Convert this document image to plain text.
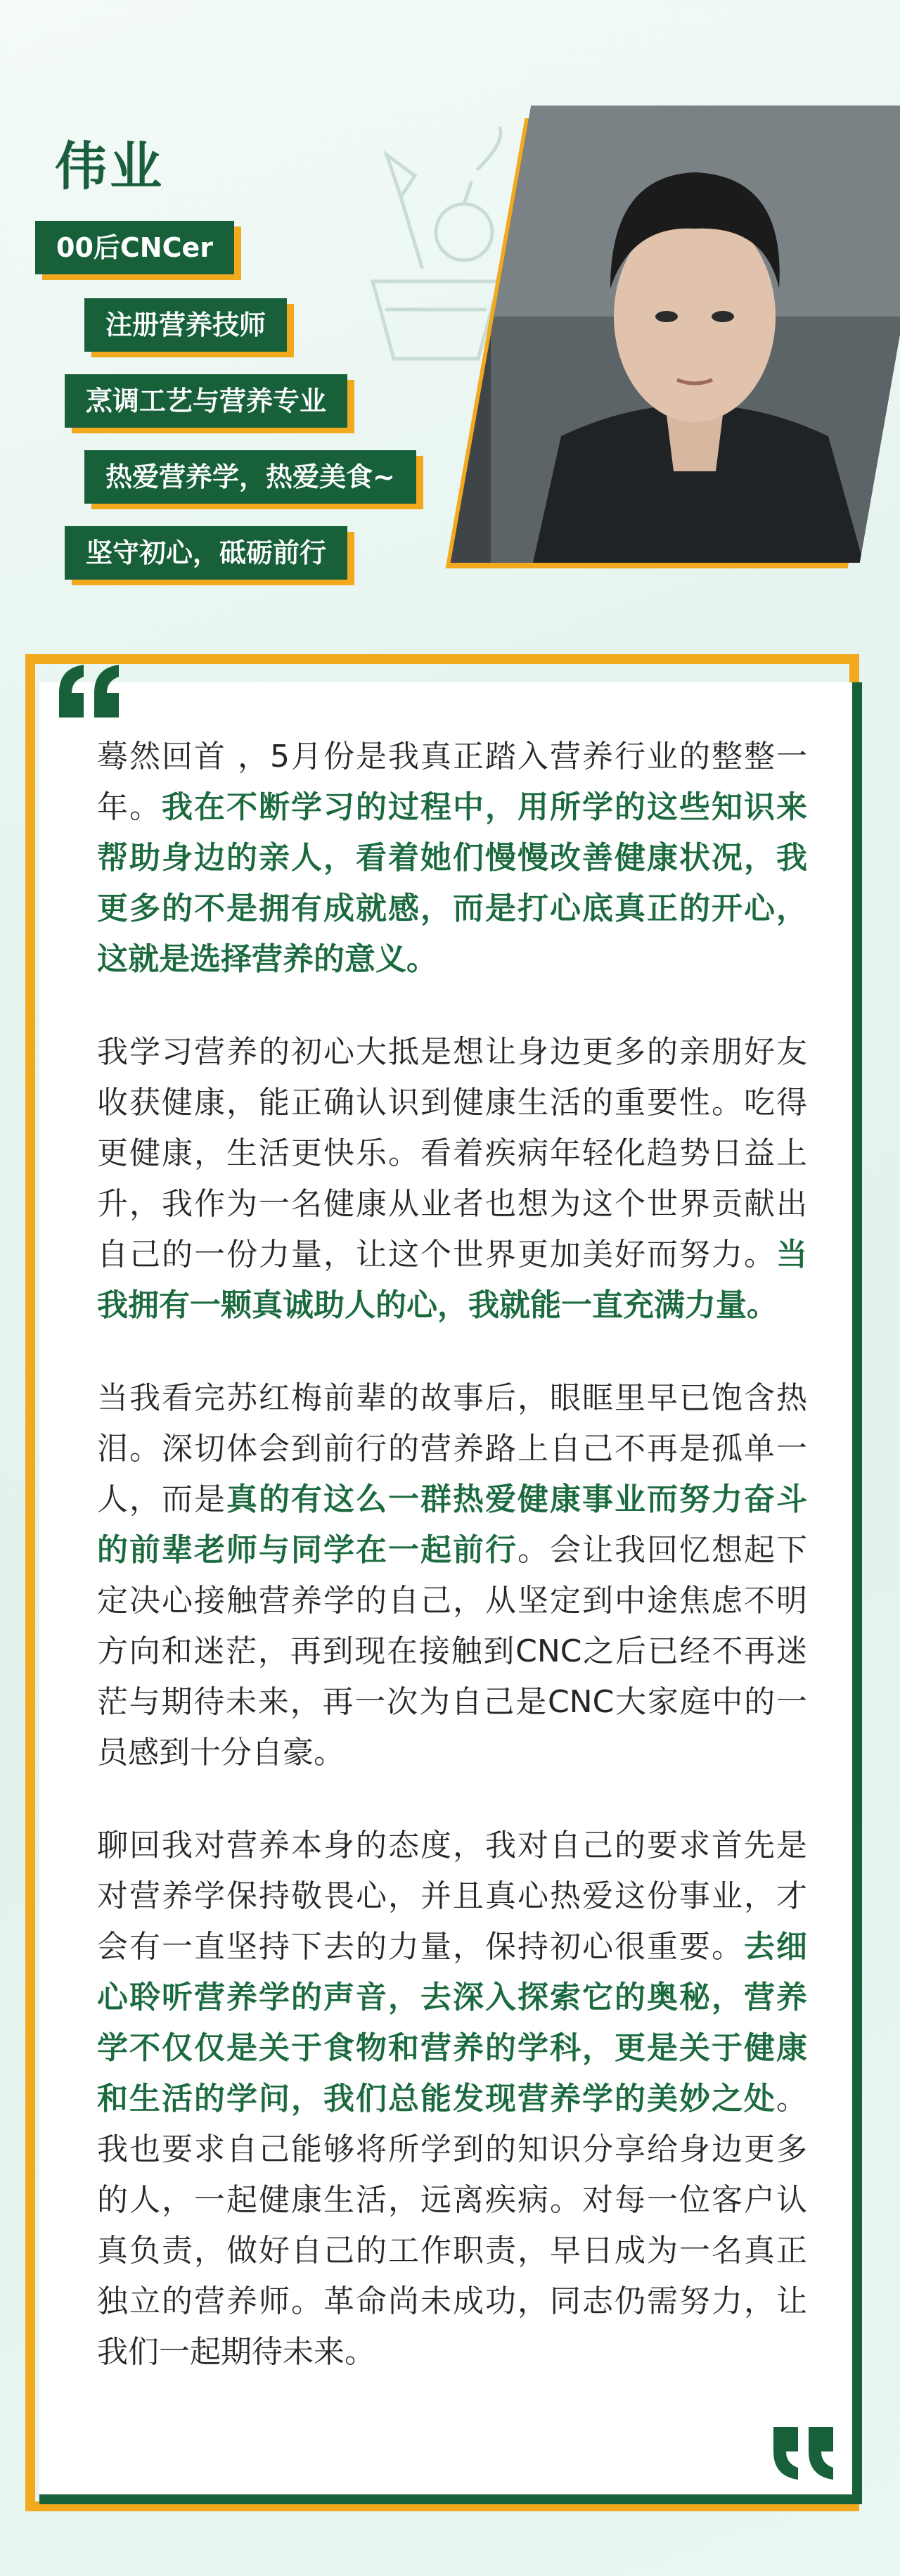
伟业
00后CNCer
注册营养技师
烹调工艺与营养专业
热爱营养学，热爱美食~
坚守初心，砥砺前行

蓦然回首 ，5月份是我真正踏入营养行业的整整一年。我在不断学习的过程中，用所学的这些知识来帮助身边的亲人，看着她们慢慢改善健康状况，我更多的不是拥有成就感，而是打心底真正的开心，这就是选择营养的意义。

我学习营养的初心大抵是想让身边更多的亲朋好友收获健康，能正确认识到健康生活的重要性。吃得更健康，生活更快乐。看着疾病年轻化趋势日益上升，我作为一名健康从业者也想为这个世界贡献出自己的一份力量，让这个世界更加美好而努力。当我拥有一颗真诚助人的心，我就能一直充满力量。

当我看完苏红梅前辈的故事后，眼眶里早已饱含热泪。深切体会到前行的营养路上自己不再是孤单一人，而是真的有这么一群热爱健康事业而努力奋斗的前辈老师与同学在一起前行。会让我回忆想起下定决心接触营养学的自己，从坚定到中途焦虑不明方向和迷茫，再到现在接触到CNC之后已经不再迷茫与期待未来，再一次为自己是CNC大家庭中的一员感到十分自豪。

聊回我对营养本身的态度，我对自己的要求首先是对营养学保持敬畏心，并且真心热爱这份事业，才会有一直坚持下去的力量，保持初心很重要。去细心聆听营养学的声音，去深入探索它的奥秘，营养学不仅仅是关于食物和营养的学科，更是关于健康和生活的学问，我们总能发现营养学的美妙之处。我也要求自己能够将所学到的知识分享给身边更多的人，一起健康生活，远离疾病。对每一位客户认真负责，做好自己的工作职责，早日成为一名真正独立的营养师。革命尚未成功，同志仍需努力，让我们一起期待未来。
